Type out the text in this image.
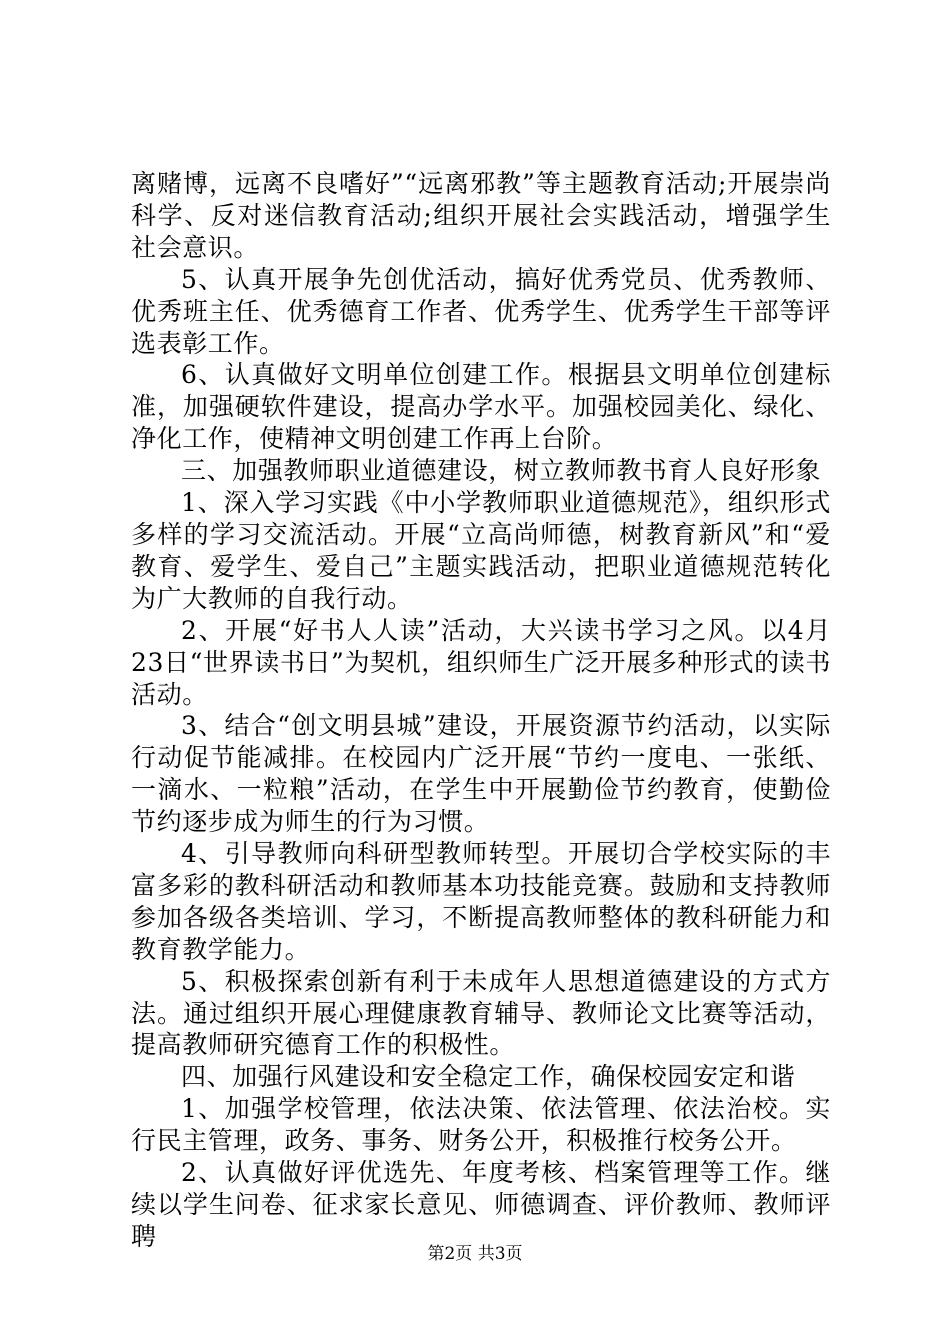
离赌博，远离不良嗜好”“远离邪教”等主题教育活动;开展崇尚科学、反对迷信教育活动;组织开展社会实践活动，增强学生社会意识。

5、认真开展争先创优活动，搞好优秀党员、优秀教师、优秀班主任、优秀德育工作者、优秀学生、优秀学生干部等评选表彰工作。

6、认真做好文明单位创建工作。根据县文明单位创建标准，加强硬软件建设，提高办学水平。加强校园美化、绿化、净化工作，使精神文明创建工作再上台阶。

三、加强教师职业道德建设，树立教师教书育人良好形象

1、深入学习实践《中小学教师职业道德规范》，组织形式多样的学习交流活动。开展“立高尚师德，树教育新风”和“爱教育、爱学生、爱自己”主题实践活动，把职业道德规范转化为广大教师的自我行动。

2、开展“好书人人读”活动，大兴读书学习之风。以4月23日“世界读书日”为契机，组织师生广泛开展多种形式的读书活动。

3、结合“创文明县城”建设，开展资源节约活动，以实际行动促节能减排。在校园内广泛开展“节约一度电、一张纸、一滴水、一粒粮”活动，在学生中开展勤俭节约教育，使勤俭节约逐步成为师生的行为习惯。

4、引导教师向科研型教师转型。开展切合学校实际的丰富多彩的教科研活动和教师基本功技能竞赛。鼓励和支持教师参加各级各类培训、学习，不断提高教师整体的教科研能力和教育教学能力。

5、积极探索创新有利于未成年人思想道德建设的方式方法。通过组织开展心理健康教育辅导、教师论文比赛等活动，提高教师研究德育工作的积极性。

四、加强行风建设和安全稳定工作，确保校园安定和谐

1、加强学校管理，依法决策、依法管理、依法治校。实行民主管理，政务、事务、财务公开，积极推行校务公开。

2、认真做好评优选先、年度考核、档案管理等工作。继续以学生问卷、征求家长意见、师德调查、评价教师、教师评聘

第2页 共3页
